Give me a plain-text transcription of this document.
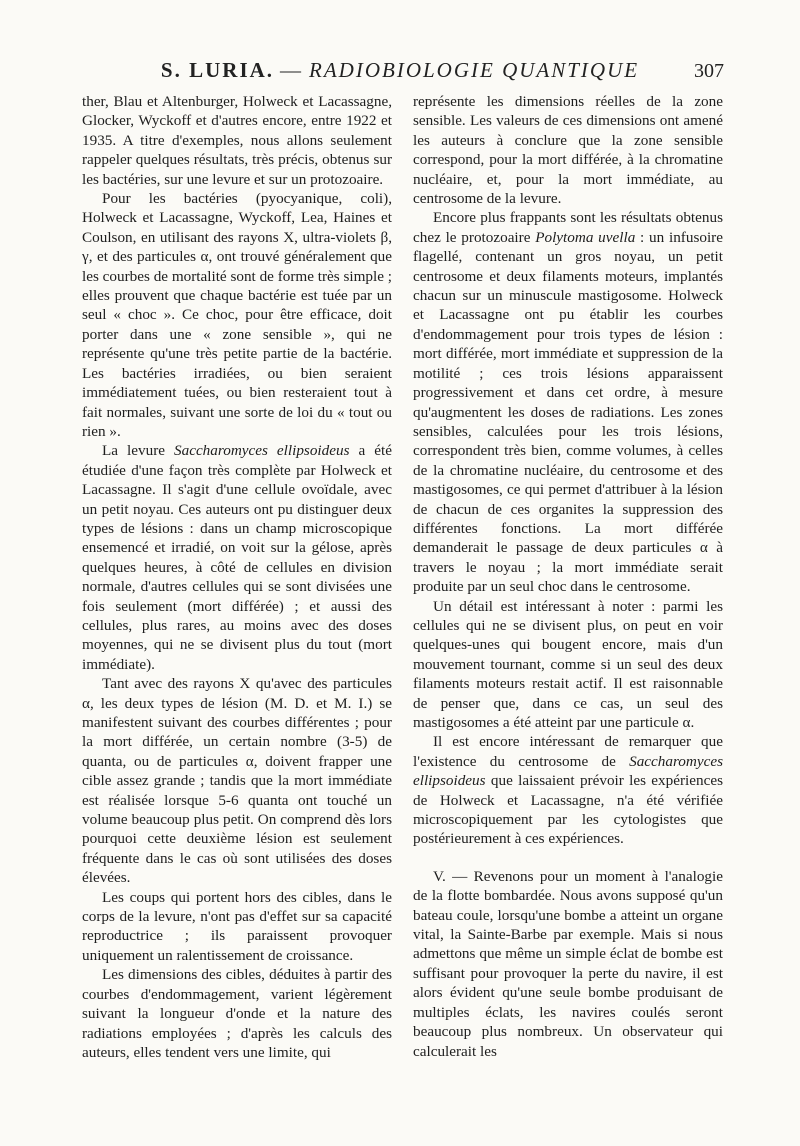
S. LURIA. — RADIOBIOLOGIE QUANTIQUE	307

ther, Blau et Altenburger, Holweck et Lacassagne, Glocker, Wyckoff et d'autres encore, entre 1922 et 1935. A titre d'exemples, nous allons seulement rappeler quelques résultats, très précis, obtenus sur les bactéries, sur une levure et sur un protozoaire.

Pour les bactéries (pyocyanique, coli), Holweck et Lacassagne, Wyckoff, Lea, Haines et Coulson, en utilisant des rayons X, ultra-violets β, γ, et des particules α, ont trouvé généralement que les courbes de mortalité sont de forme très simple ; elles prouvent que chaque bactérie est tuée par un seul « choc ». Ce choc, pour être efficace, doit porter dans une « zone sensible », qui ne représente qu'une très petite partie de la bactérie. Les bactéries irradiées, ou bien seraient immédiatement tuées, ou bien resteraient tout à fait normales, suivant une sorte de loi du « tout ou rien ».

La levure Saccharomyces ellipsoideus a été étudiée d'une façon très complète par Holweck et Lacassagne. Il s'agit d'une cellule ovoïdale, avec un petit noyau. Ces auteurs ont pu distinguer deux types de lésions : dans un champ microscopique ensemencé et irradié, on voit sur la gélose, après quelques heures, à côté de cellules en division normale, d'autres cellules qui se sont divisées une fois seulement (mort différée) ; et aussi des cellules, plus rares, au moins avec des doses moyennes, qui ne se divisent plus du tout (mort immédiate).

Tant avec des rayons X qu'avec des particules α, les deux types de lésion (M. D. et M. I.) se manifestent suivant des courbes différentes ; pour la mort différée, un certain nombre (3-5) de quanta, ou de particules α, doivent frapper une cible assez grande ; tandis que la mort immédiate est réalisée lorsque 5-6 quanta ont touché un volume beaucoup plus petit. On comprend dès lors pourquoi cette deuxième lésion est seulement fréquente dans le cas où sont utilisées des doses élevées.

Les coups qui portent hors des cibles, dans le corps de la levure, n'ont pas d'effet sur sa capacité reproductrice ; ils paraissent provoquer uniquement un ralentissement de croissance.

Les dimensions des cibles, déduites à partir des courbes d'endommagement, varient légèrement suivant la longueur d'onde et la nature des radiations employées ; d'après les calculs des auteurs, elles tendent vers une limite, qui

représente les dimensions réelles de la zone sensible. Les valeurs de ces dimensions ont amené les auteurs à conclure que la zone sensible correspond, pour la mort différée, à la chromatine nucléaire, et, pour la mort immédiate, au centrosome de la levure.

Encore plus frappants sont les résultats obtenus chez le protozoaire Polytoma uvella : un infusoire flagellé, contenant un gros noyau, un petit centrosome et deux filaments moteurs, implantés chacun sur un minuscule mastigosome. Holweck et Lacassagne ont pu établir les courbes d'endommagement pour trois types de lésion : mort différée, mort immédiate et suppression de la motilité ; ces trois lésions apparaissent progressivement et dans cet ordre, à mesure qu'augmentent les doses de radiations. Les zones sensibles, calculées pour les trois lésions, correspondent très bien, comme volumes, à celles de la chromatine nucléaire, du centrosome et des mastigosomes, ce qui permet d'attribuer à la lésion de chacun de ces organites la suppression des différentes fonctions. La mort différée demanderait le passage de deux particules α à travers le noyau ; la mort immédiate serait produite par un seul choc dans le centrosome.

Un détail est intéressant à noter : parmi les cellules qui ne se divisent plus, on peut en voir quelques-unes qui bougent encore, mais d'un mouvement tournant, comme si un seul des deux filaments moteurs restait actif. Il est raisonnable de penser que, dans ce cas, un seul des mastigosomes a été atteint par une particule α.

Il est encore intéressant de remarquer que l'existence du centrosome de Saccharomyces ellipsoideus que laissaient prévoir les expériences de Holweck et Lacassagne, n'a été vérifiée microscopiquement par les cytologistes que postérieurement à ces expériences.

V. — Revenons pour un moment à l'analogie de la flotte bombardée. Nous avons supposé qu'un bateau coule, lorsqu'une bombe a atteint un organe vital, la Sainte-Barbe par exemple. Mais si nous admettons que même un simple éclat de bombe est suffisant pour provoquer la perte du navire, il est alors évident qu'une seule bombe produisant de multiples éclats, les navires coulés seront beaucoup plus nombreux. Un observateur qui calculerait les
